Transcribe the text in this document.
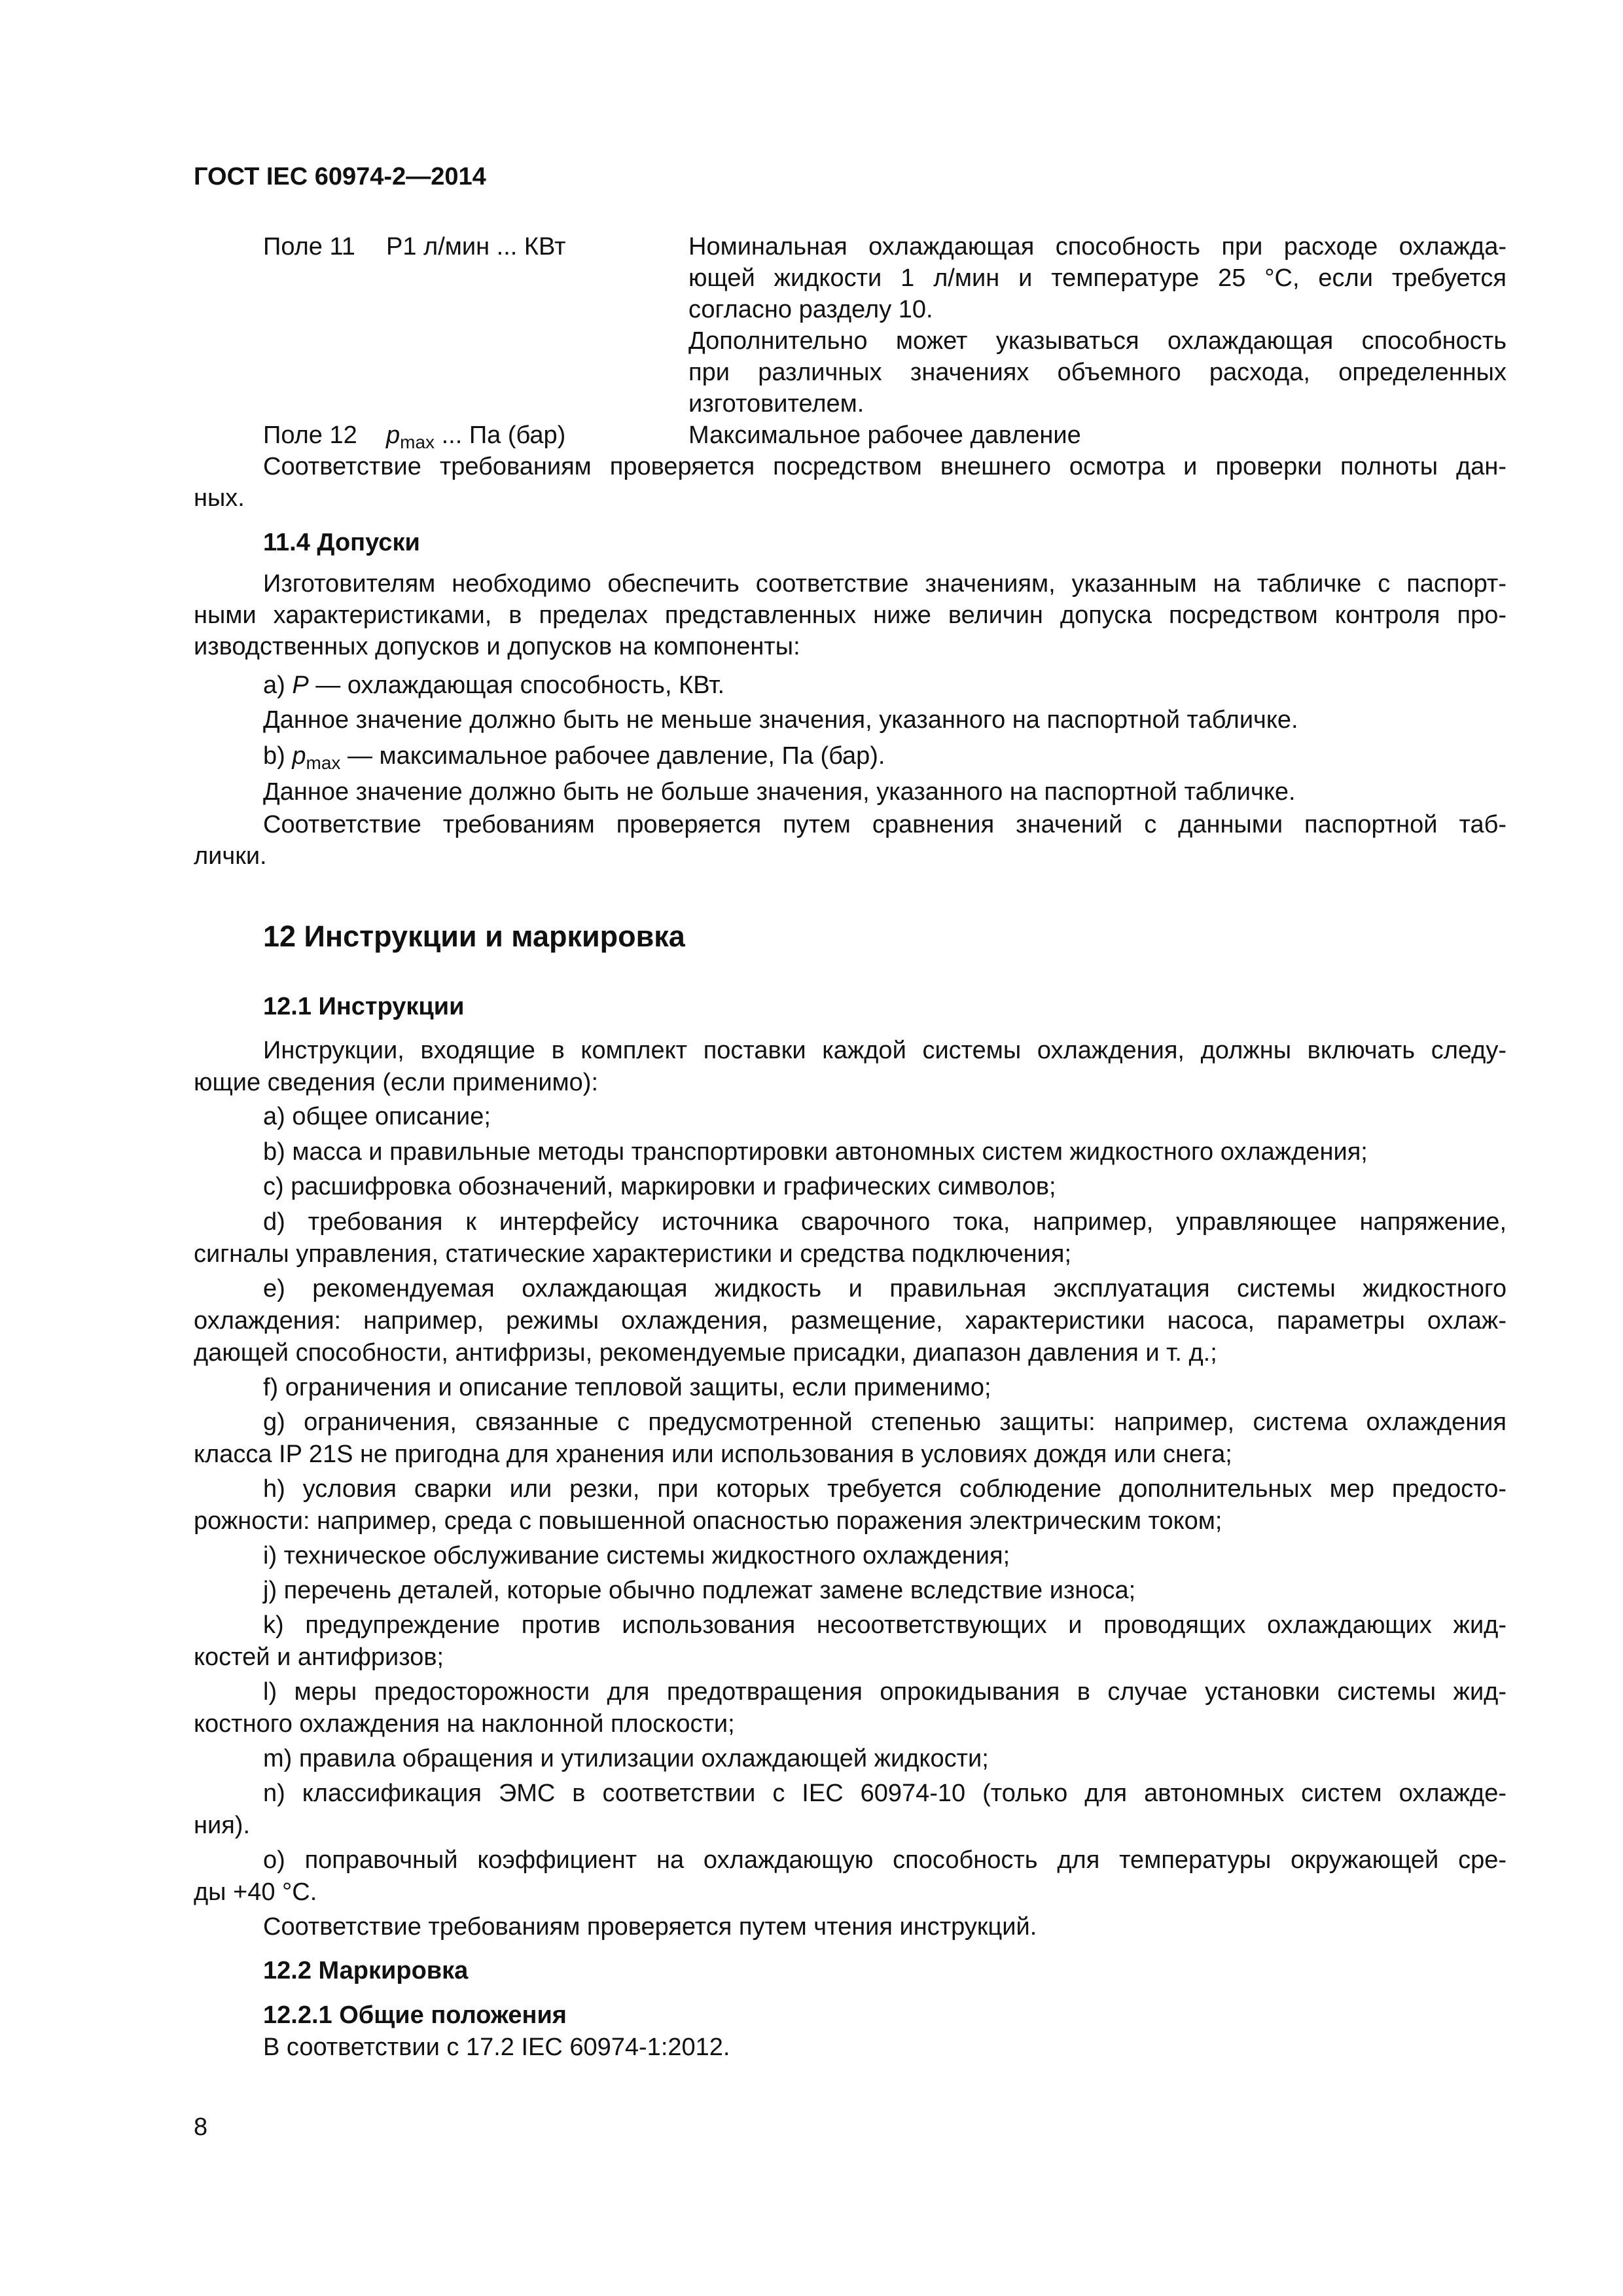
ГОСТ IEC 60974-2—2014
Поле 11 P1 л/мин ... КВт	Номинальная охлаждающая способность при расходе охлажда-
ющей жидкости 1 л/мин и температуре 25 °C, если требуется
согласно разделу 10.
Дополнительно может указываться охлаждающая способность
при различных значениях объемного расхода, определенных
изготовителем.
Поле 12 $p_{max}$ ... Па (бар)	Максимальное рабочее давление
Соответствие требованиям проверяется посредством внешнего осмотра и проверки полноты дан-
ных.
11.4 Допуски
Изготовителям необходимо обеспечить соответствие значениям, указанным на табличке с паспорт-
ными характеристиками, в пределах представленных ниже величин допуска посредством контроля про-
изводственных допусков и допусков на компоненты:
a) P — охлаждающая способность, КВт.
Данное значение должно быть не меньше значения, указанного на паспортной табличке.
b) $p_{max}$ — максимальное рабочее давление, Па (бар).
Данное значение должно быть не больше значения, указанного на паспортной табличке.
Соответствие требованиям проверяется путем сравнения значений с данными паспортной таб-
лички.
12 Инструкции и маркировка
12.1 Инструкции
Инструкции, входящие в комплект поставки каждой системы охлаждения, должны включать следу-
ющие сведения (если применимо):
a) общее описание;
b) масса и правильные методы транспортировки автономных систем жидкостного охлаждения;
c) расшифровка обозначений, маркировки и графических символов;
d) требования к интерфейсу источника сварочного тока, например, управляющее напряжение,
сигналы управления, статические характеристики и средства подключения;
e) рекомендуемая охлаждающая жидкость и правильная эксплуатация системы жидкостного
охлаждения: например, режимы охлаждения, размещение, характеристики насоса, параметры охлаж-
дающей способности, антифризы, рекомендуемые присадки, диапазон давления и т. д.;
f) ограничения и описание тепловой защиты, если применимо;
g) ограничения, связанные с предусмотренной степенью защиты: например, система охлаждения
класса IP 21S не пригодна для хранения или использования в условиях дождя или снега;
h) условия сварки или резки, при которых требуется соблюдение дополнительных мер предосто-
рожности: например, среда с повышенной опасностью поражения электрическим током;
i) техническое обслуживание системы жидкостного охлаждения;
j) перечень деталей, которые обычно подлежат замене вследствие износа;
k) предупреждение против использования несоответствующих и проводящих охлаждающих жид-
костей и антифризов;
l) меры предосторожности для предотвращения опрокидывания в случае установки системы жид-
костного охлаждения на наклонной плоскости;
m) правила обращения и утилизации охлаждающей жидкости;
n) классификация ЭМС в соответствии с IEC 60974-10 (только для автономных систем охлажде-
ния).
o) поправочный коэффициент на охлаждающую способность для температуры окружающей сре-
ды +40 °C.
Соответствие требованиям проверяется путем чтения инструкций.
12.2 Маркировка
12.2.1 Общие положения
В соответствии с 17.2 IEC 60974-1:2012.
8
